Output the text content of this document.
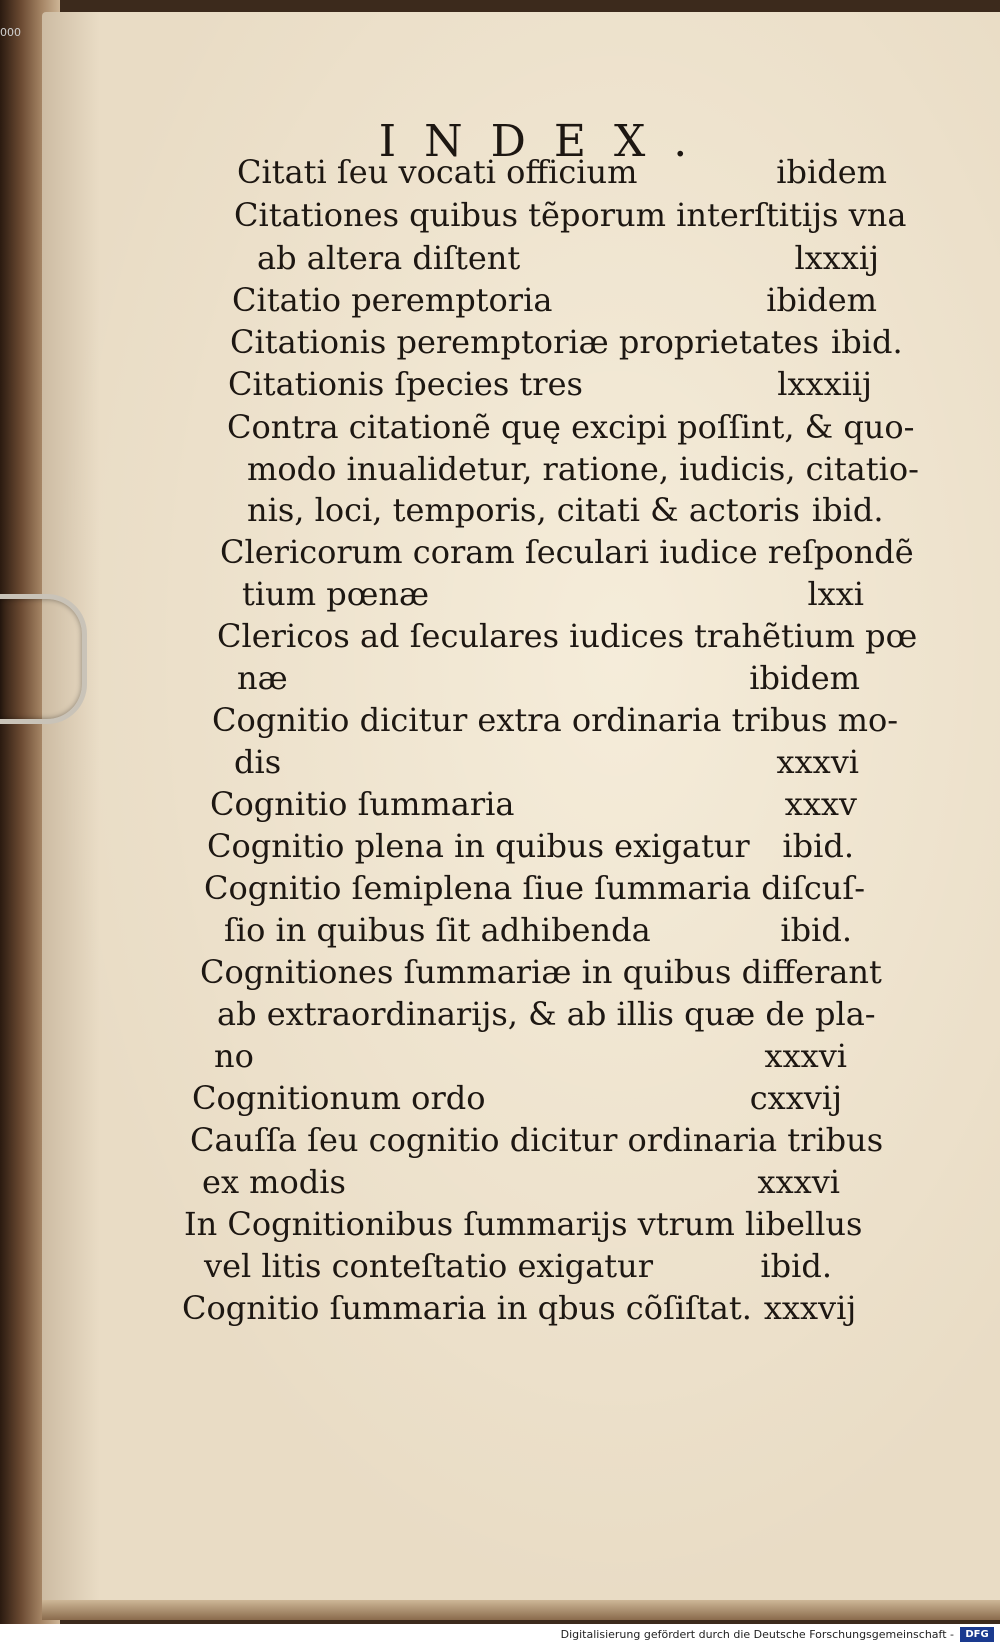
INDEX.
Citati ſeu vocati officium	ibidem
Citationes quibus tẽporum interſtitijs vna
ab altera diſtent	lxxxij
Citatio peremptoria	ibidem
Citationis peremptoriæ proprietates ibid.
Citationis ſpecies tres	lxxxiij
Contra citationẽ quę excipi poſſint, & quo-
modo inualidetur, ratione, iudicis, citatio-
nis, loci, temporis, citati & actoris ibid.
Clericorum coram ſeculari iudice reſpondẽ
tium pœnæ	lxxi
Clericos ad ſeculares iudices trahẽtium pœ
næ	ibidem
Cognitio dicitur extra ordinaria tribus mo-
dis	xxxvi
Cognitio ſummaria	xxxv
Cognitio plena in quibus exigatur	ibid.
Cognitio ſemiplena ſiue ſummaria diſcuſ-
ſio in quibus ſit adhibenda	ibid.
Cognitiones ſummariæ in quibus differant
ab extraordinarijs, & ab illis quæ de pla-
no	xxxvi
Cognitionum ordo	cxxvij
Cauſſa ſeu cognitio dicitur ordinaria tribus
ex modis	xxxvi
In Cognitionibus ſummarijs vtrum libellus
vel litis conteſtatio exigatur	ibid.
Cognitio ſummaria in qbus cõſiſtat. xxxvij
000
Digitalisierung gefördert durch die Deutsche Forschungsgemeinschaft -	DFG
